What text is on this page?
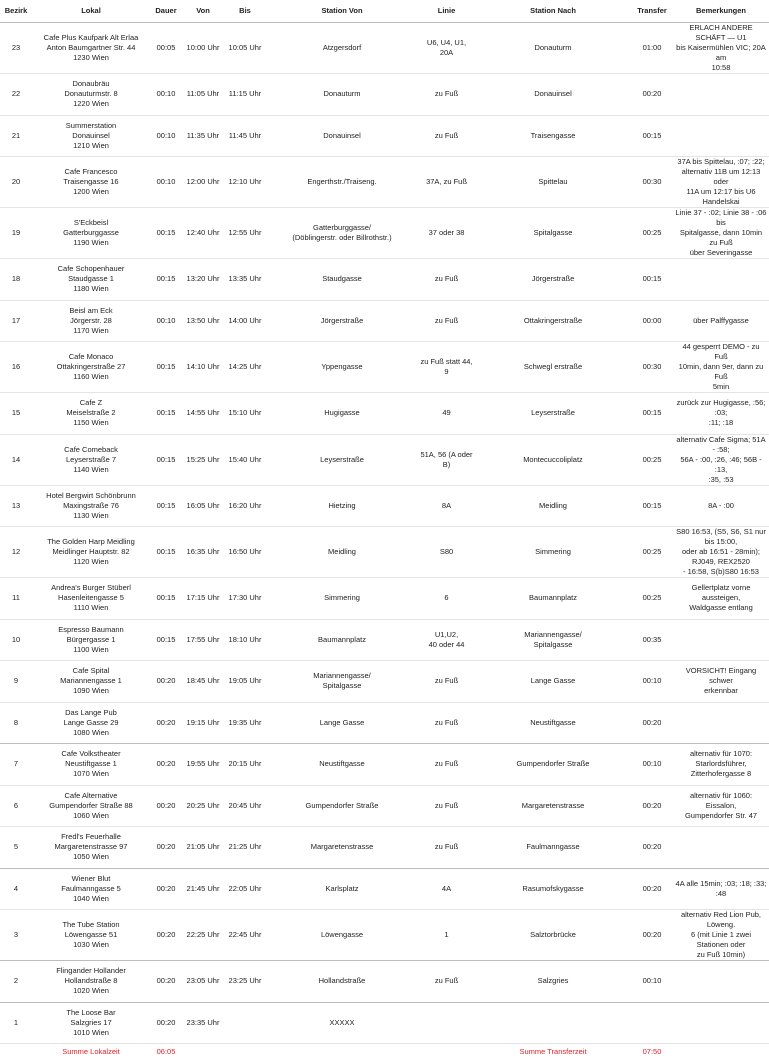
Bezirk	Lokal	Dauer	Von	Bis	Station Von	Linie	Station Nach	Transfer	Bemerkungen
23	Cafe Plus Kaufpark Alt Erlaa
Anton Baumgartner Str. 44
1230 Wien	00:05	10:00 Uhr	10:05 Uhr	Atzgersdorf	U6, U4, U1,
20A	Donauturm	01:00	ERLACH ANDERE SCHÄFT — U1
bis Kaisermühlen VIC; 20A am
10:58
22	Donaubräu
Donauturmstr. 8
1220 Wien	00:10	11:05 Uhr	11:15 Uhr	Donauturm	zu Fuß	Donauinsel	00:20	
21	Summerstation
Donauinsel
1210 Wien	00:10	11:35 Uhr	11:45 Uhr	Donauinsel	zu Fuß	Traisengasse	00:15	
20	Cafe Francesco
Traisengasse 16
1200 Wien	00:10	12:00 Uhr	12:10 Uhr	Engerthstr./Traiseng.	37A, zu Fuß	Spittelau	00:30	37A bis Spittelau, :07; :22;
alternativ 11B um 12:13 oder
11A um 12:17 bis U6 Handelskai
19	S'Eckbeisl
Gatterburggasse
1190 Wien	00:15	12:40 Uhr	12:55 Uhr	Gatterburggasse/
(Döblingerstr. oder Billrothstr.)	37 oder 38	Spitalgasse	00:25	Linie 37 - :02; Linie 38 - :06 bis
Spitalgasse, dann 10min zu Fuß
über Severingasse
18	Cafe Schopenhauer
Staudgasse 1
1180 Wien	00:15	13:20 Uhr	13:35 Uhr	Staudgasse	zu Fuß	Jörgerstraße	00:15	
17	Beisl am Eck
Jörgerstr. 28
1170 Wien	00:10	13:50 Uhr	14:00 Uhr	Jörgerstraße	zu Fuß	Ottakringerstraße	00:00	über Palffygasse
16	Cafe Monaco
Ottakringerstraße 27
1160 Wien	00:15	14:10 Uhr	14:25 Uhr	Yppengasse	zu Fuß statt 44,
9	Schwegl erstraße	00:30	44 gesperrt DEMO - zu Fuß
10min, dann 9er, dann zu Fuß
5min
15	Cafe Z
Meiselstraße 2
1150 Wien	00:15	14:55 Uhr	15:10 Uhr	Hugigasse	49	Leyserstraße	00:15	zurück zur Hugigasse, :56; :03;
:11; :18
14	Cafe Comeback
Leyserstraße 7
1140 Wien	00:15	15:25 Uhr	15:40 Uhr	Leyserstraße	51A, 56 (A oder
B)	Montecuccoliplatz	00:25	alternativ Cafe Sigma; 51A - :58;
56A - :00, :26, :46; 56B - :13,
:35, :53
13	Hotel Bergwirt Schönbrunn
Maxingstraße 76
1130 Wien	00:15	16:05 Uhr	16:20 Uhr	Hietzing	8A	Meidling	00:15	8A - :00
12	The Golden Harp Meidling
Meidlinger Hauptstr. 82
1120 Wien	00:15	16:35 Uhr	16:50 Uhr	Meidling	S80	Simmering	00:25	S80 16:53, (S5, S6, S1 nur bis 15:00,
oder ab 16:51 - 28min); RJ049, REX2520
- 16:58, S(b)S80 16:53
11	Andrea's Burger Stüberl
Hasenleitengasse 5
1110 Wien	00:15	17:15 Uhr	17:30 Uhr	Simmering	6	Baumannplatz	00:25	Gellertplatz vorne aussteigen,
Waldgasse entlang
10	Espresso Baumann
Bürgergasse 1
1100 Wien	00:15	17:55 Uhr	18:10 Uhr	Baumannplatz	U1,U2,
40 oder 44	Mariannengasse/
Spitalgasse	00:35	
9	Cafe Spital
Mariannengasse 1
1090 Wien	00:20	18:45 Uhr	19:05 Uhr	Mariannengasse/
Spitalgasse	zu Fuß	Lange Gasse	00:10	VORSICHT! Eingang schwer
erkennbar
8	Das Lange Pub
Lange Gasse 29
1080 Wien	00:20	19:15 Uhr	19:35 Uhr	Lange Gasse	zu Fuß	Neustiftgasse	00:20	
7	Cafe Volkstheater
Neustiftgasse 1
1070 Wien	00:20	19:55 Uhr	20:15 Uhr	Neustiftgasse	zu Fuß	Gumpendorfer Straße	00:10	alternativ für 1070:
Starlordsführer, Zitterhofergasse 8
6	Cafe Alternative
Gumpendorfer Straße 88
1060 Wien	00:20	20:25 Uhr	20:45 Uhr	Gumpendorfer Straße	zu Fuß	Margaretenstrasse	00:20	alternativ für 1060: Eissalon,
Gumpendorfer Str. 47
5	Fredl's Feuerhalle
Margaretenstrasse 97
1050 Wien	00:20	21:05 Uhr	21:25 Uhr	Margaretenstrasse	zu Fuß	Faulmanngasse	00:20	
4	Wiener Blut
Faulmanngasse 5
1040 Wien	00:20	21:45 Uhr	22:05 Uhr	Karlsplatz	4A	Rasumofskygasse	00:20	4A alle 15min; :03; :18; :33; :48
3	The Tube Station
Löwengasse 51
1030 Wien	00:20	22:25 Uhr	22:45 Uhr	Löwengasse	1	Salztorbrücke	00:20	alternativ Red Lion Pub, Löweng.
6 (mit Linie 1 zwei Stationen oder
zu Fuß 10min)
2	Flingander Hollander
Hollandstraße 8
1020 Wien	00:20	23:05 Uhr	23:25 Uhr	Hollandstraße	zu Fuß	Salzgries	00:10	
1	The Loose Bar
Salzgries 17
1010 Wien	00:20	23:35 Uhr		XXXXX				
	Summe Lokalzeit	06:05					Summe Transferzeit	07:50	
